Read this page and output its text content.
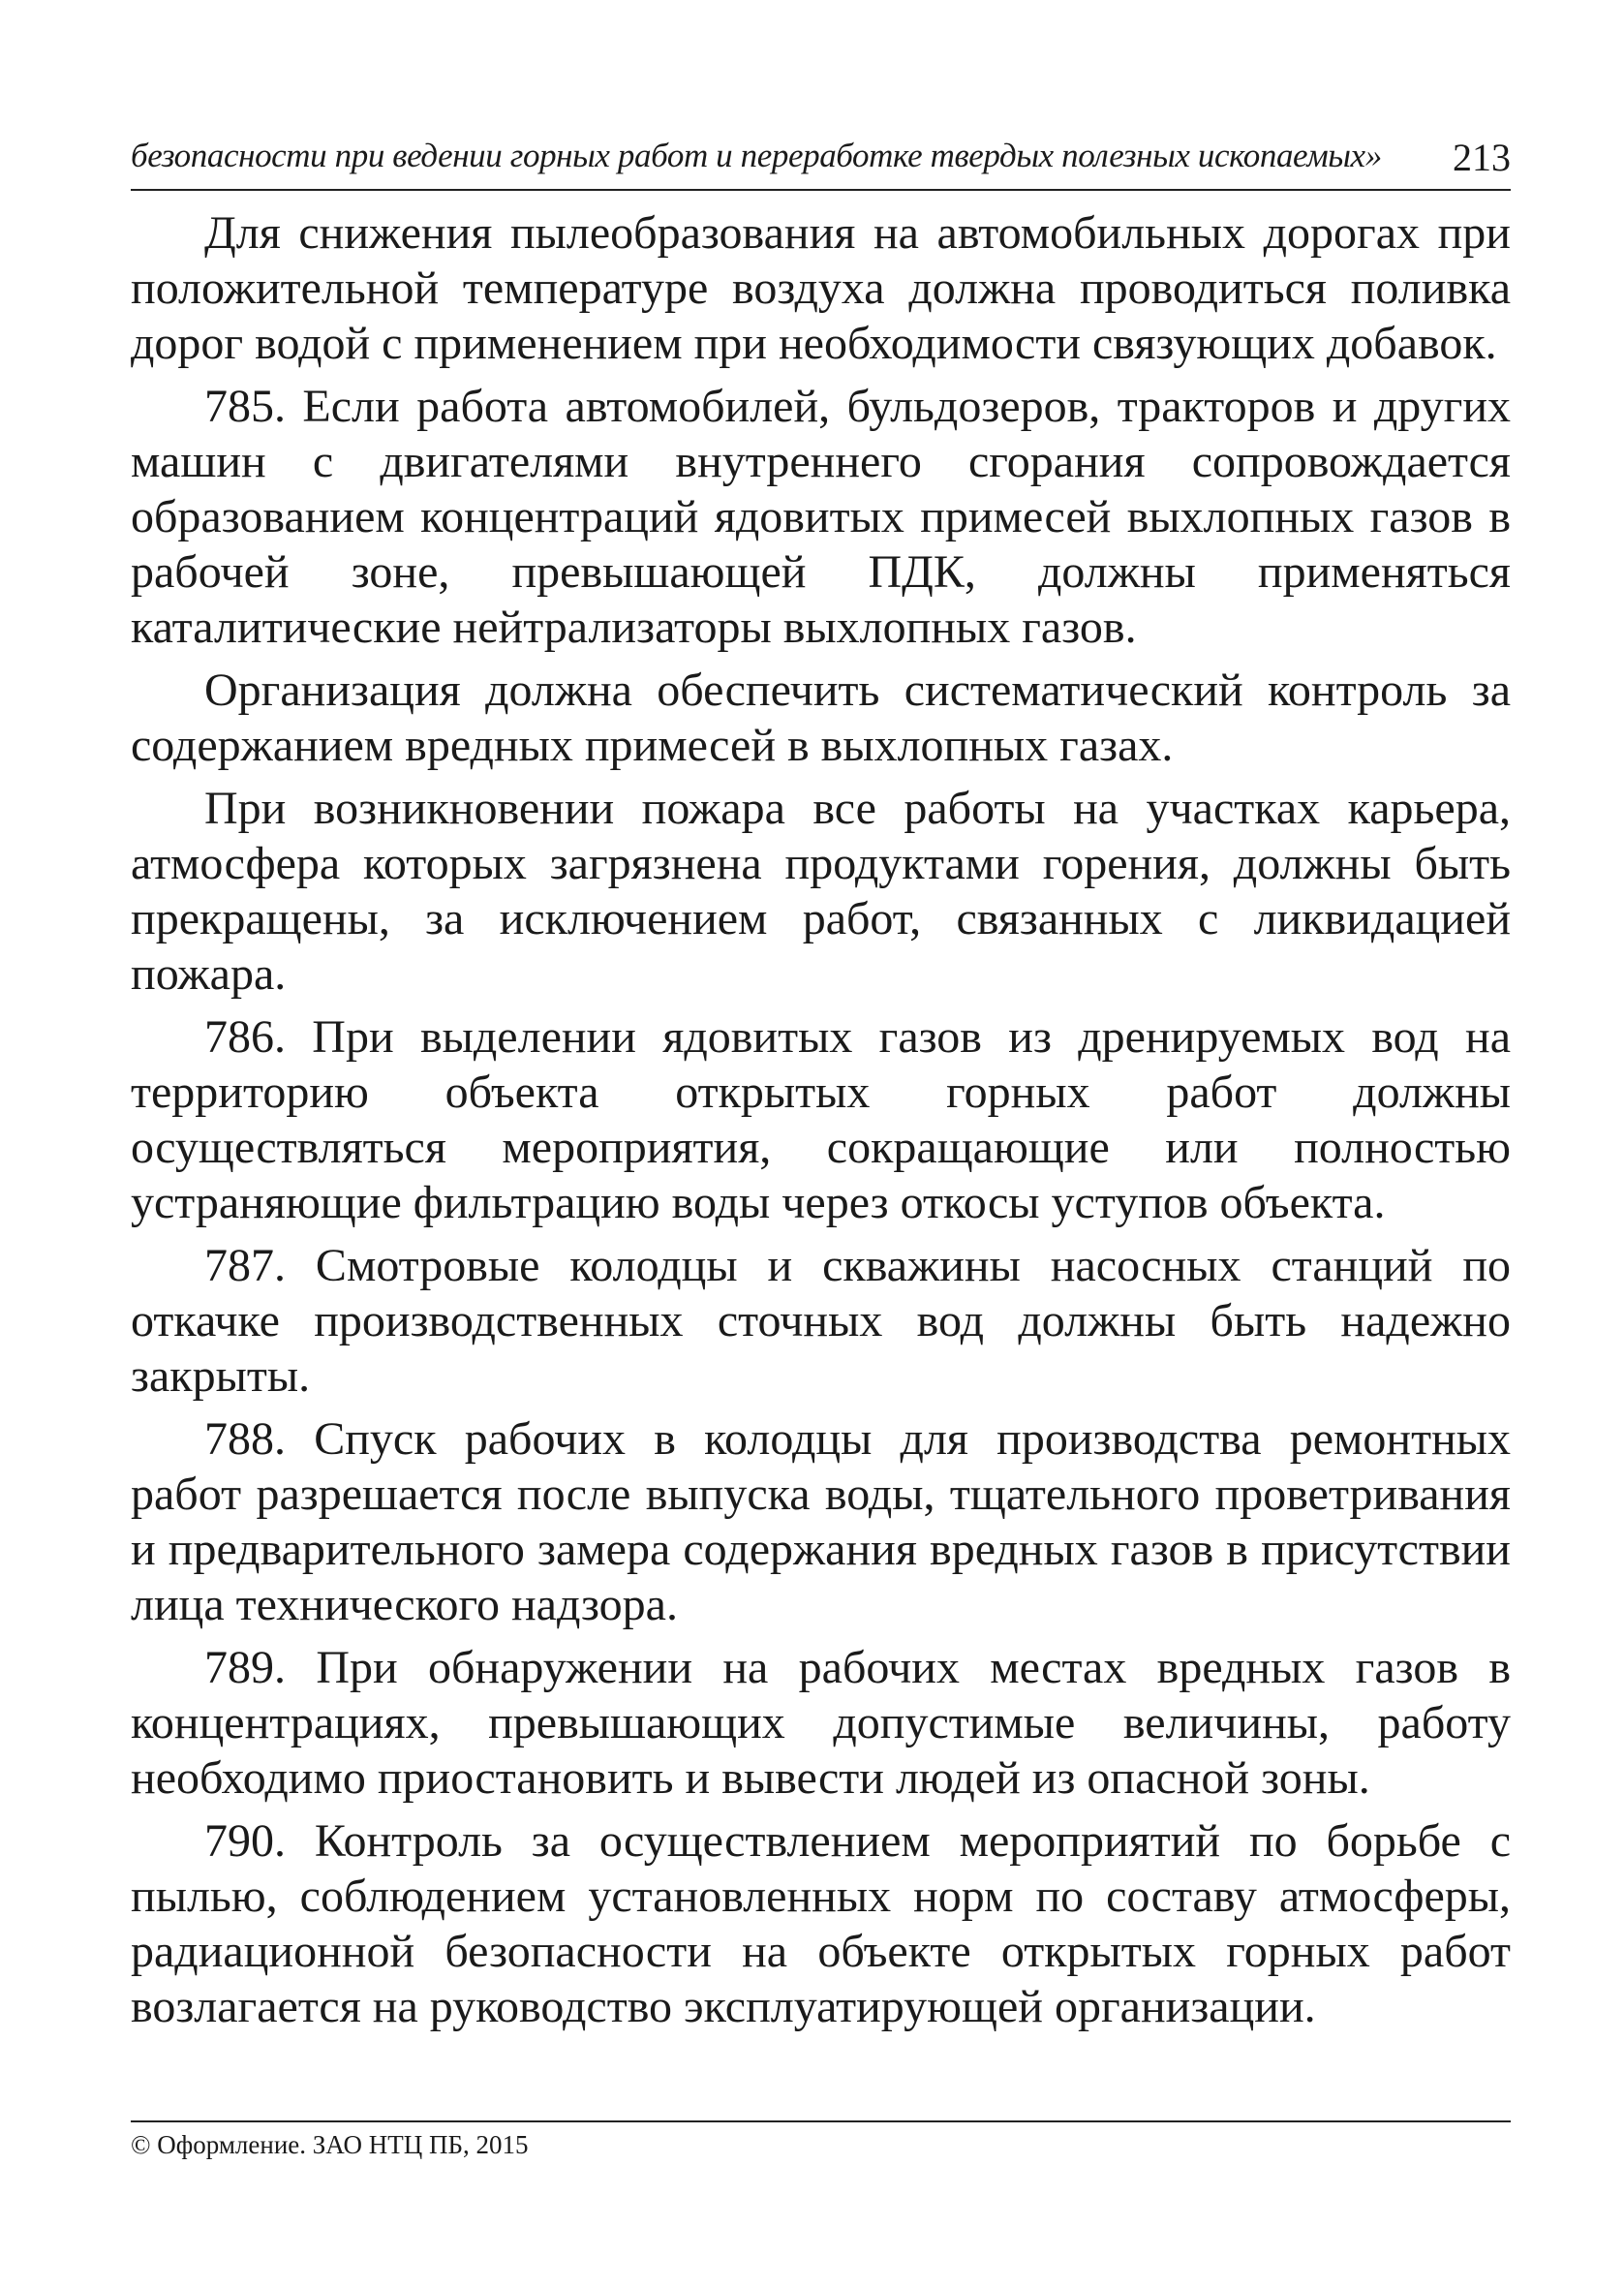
безопасности при ведении горных работ и переработке твердых полезных ископаемых» 213

Для снижения пылеобразования на автомобильных дорогах при положительной температуре воздуха должна проводиться поливка дорог водой с применением при необходимости связующих добавок.

785. Если работа автомобилей, бульдозеров, тракторов и других машин с двигателями внутреннего сгорания сопровождается образованием концентраций ядовитых примесей выхлопных газов в рабочей зоне, превышающей ПДК, должны применяться каталитические нейтрализаторы выхлопных газов.

Организация должна обеспечить систематический контроль за содержанием вредных примесей в выхлопных газах.

При возникновении пожара все работы на участках карьера, атмосфера которых загрязнена продуктами горения, должны быть прекращены, за исключением работ, связанных с ликвидацией пожара.

786. При выделении ядовитых газов из дренируемых вод на территорию объекта открытых горных работ должны осуществляться мероприятия, сокращающие или полностью устраняющие фильтрацию воды через откосы уступов объекта.

787. Смотровые колодцы и скважины насосных станций по откачке производственных сточных вод должны быть надежно закрыты.

788. Спуск рабочих в колодцы для производства ремонтных работ разрешается после выпуска воды, тщательного проветривания и предварительного замера содержания вредных газов в присутствии лица технического надзора.

789. При обнаружении на рабочих местах вредных газов в концентрациях, превышающих допустимые величины, работу необходимо приостановить и вывести людей из опасной зоны.

790. Контроль за осуществлением мероприятий по борьбе с пылью, соблюдением установленных норм по составу атмосферы, радиационной безопасности на объекте открытых горных работ возлагается на руководство эксплуатирующей организации.

© Оформление. ЗАО НТЦ ПБ, 2015
